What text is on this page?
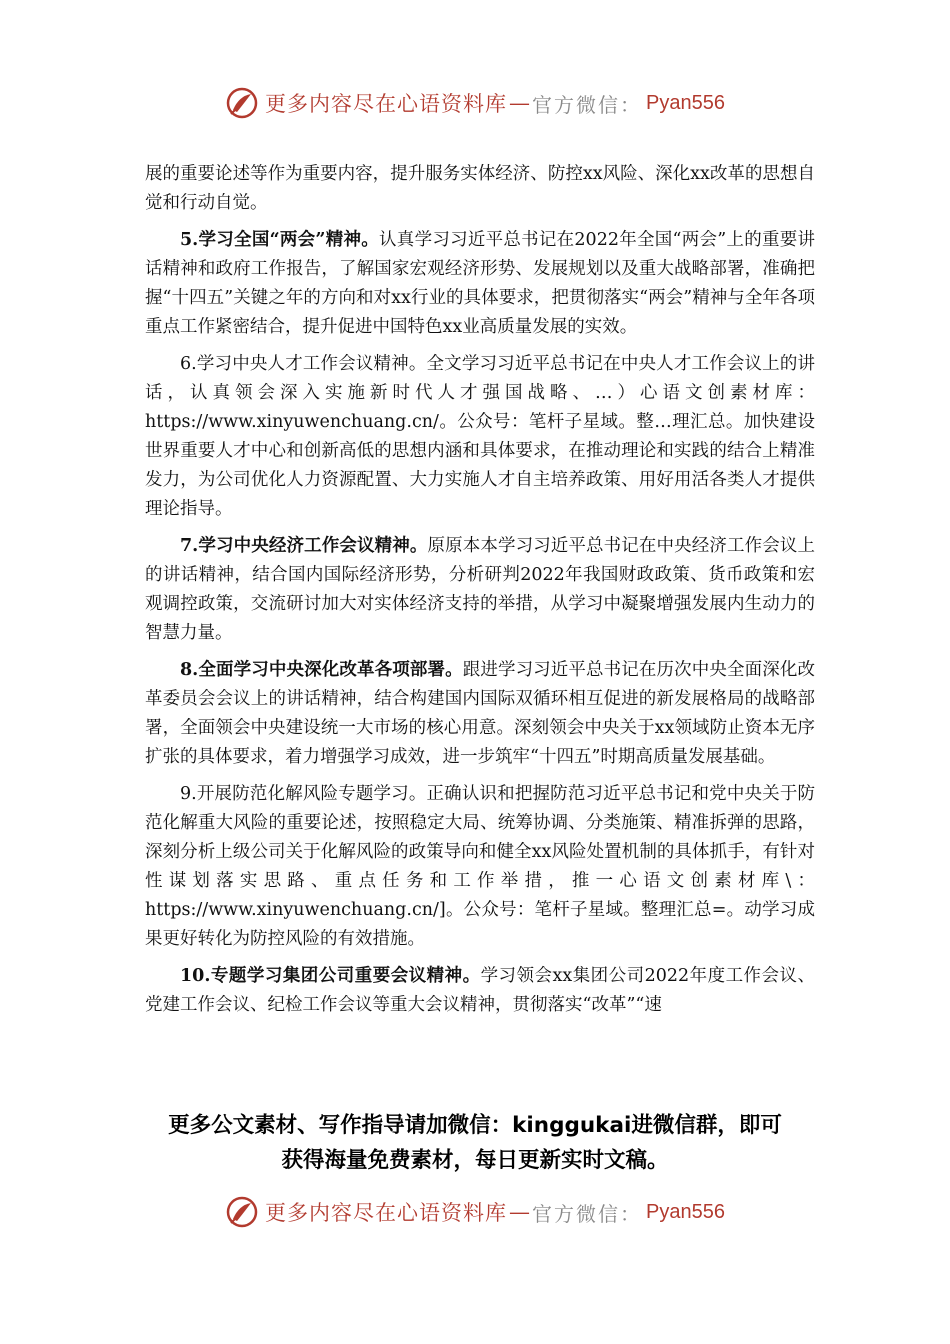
更多内容尽在心语资料库 — 官方微信： Pyan556

展的重要论述等作为重要内容，提升服务实体经济、防控xx风险、深化xx改革的思想自觉和行动自觉。

5.学习全国“两会”精神。认真学习习近平总书记在2022年全国“两会”上的重要讲话精神和政府工作报告，了解国家宏观经济形势、发展规划以及重大战略部署，准确把握“十四五”关键之年的方向和对xx行业的具体要求，把贯彻落实“两会”精神与全年各项重点工作紧密结合，提升促进中国特色xx业高质量发展的实效。

6.学习中央人才工作会议精神。全文学习习近平总书记在中央人才工作会议上的讲话，认真领会深入实施新时代人才强国战略、…）心语文创素材库：https://www.xinyuwenchuang.cn/。公众号：笔杆子星域。整…理汇总。加快建设世界重要人才中心和创新高低的思想内涵和具体要求，在推动理论和实践的结合上精准发力，为公司优化人力资源配置、大力实施人才自主培养政策、用好用活各类人才提供理论指导。

7.学习中央经济工作会议精神。原原本本学习习近平总书记在中央经济工作会议上的讲话精神，结合国内国际经济形势，分析研判2022年我国财政政策、货币政策和宏观调控政策，交流研讨加大对实体经济支持的举措，从学习中凝聚增强发展内生动力的智慧力量。

8.全面学习中央深化改革各项部署。跟进学习习近平总书记在历次中央全面深化改革委员会会议上的讲话精神，结合构建国内国际双循环相互促进的新发展格局的战略部署，全面领会中央建设统一大市场的核心用意。深刻领会中央关于xx领域防止资本无序扩张的具体要求，着力增强学习成效，进一步筑牢“十四五”时期高质量发展基础。

9.开展防范化解风险专题学习。正确认识和把握防范习近平总书记和党中央关于防范化解重大风险的重要论述，按照稳定大局、统筹协调、分类施策、精准拆弹的思路，深刻分析上级公司关于化解风险的政策导向和健全xx风险处置机制的具体抓手，有针对性谋划落实思路、重点任务和工作举措，推一心语文创素材库\：https://www.xinyuwenchuang.cn/]。公众号：笔杆子星域。整理汇总=。动学习成果更好转化为防控风险的有效措施。

10.专题学习集团公司重要会议精神。学习领会xx集团公司2022年度工作会议、党建工作会议、纪检工作会议等重大会议精神，贯彻落实“改革”“速

更多公文素材、写作指导请加微信：kinggukai进微信群，即可
获得海量免费素材，每日更新实时文稿。
更多内容尽在心语资料库 — 官方微信： Pyan556
